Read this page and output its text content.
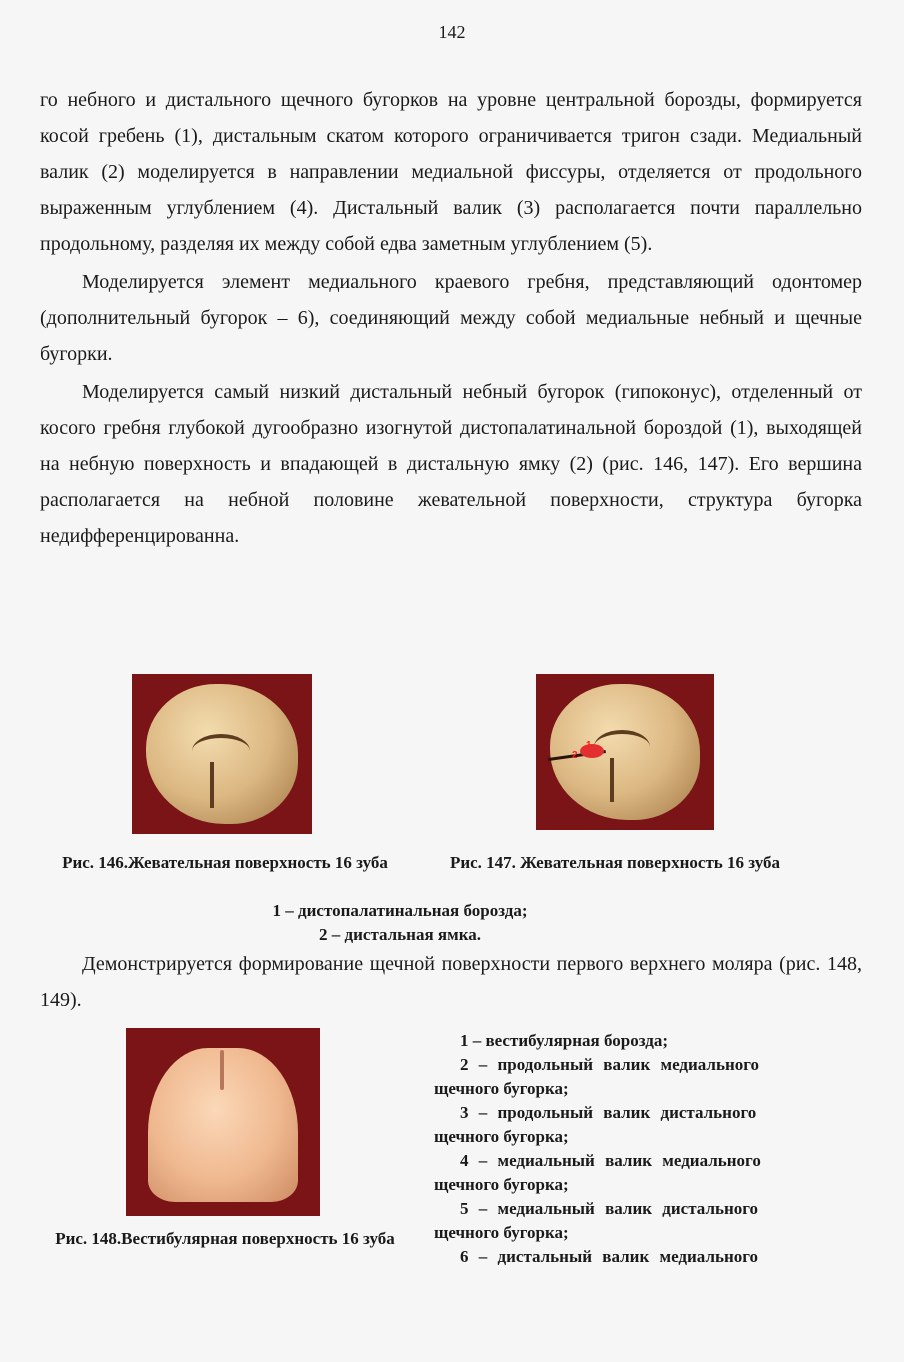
142

го небного и дистального щечного бугорков на уровне центральной борозды, формируется косой гребень (1), дистальным скатом которого ограничивается тригон сзади. Медиальный валик (2) моделируется в направлении медиальной фиссуры, отделяется от продольного выраженным углублением (4). Дистальный валик (3) располагается почти параллельно продольному, разделяя их между собой едва заметным углублением (5).

Моделируется элемент медиального краевого гребня, представляющий одонтомер (дополнительный бугорок – 6), соединяющий между собой медиальные небный и щечные бугорки.

Моделируется самый низкий дистальный небный бугорок (гипоконус), отделенный от косого гребня глубокой дугообразно изогнутой дистопалатинальной бороздой (1), выходящей на небную поверхность и впадающей в дистальную ямку (2) (рис. 146, 147). Его вершина располагается на небной половине жевательной поверхности, структура бугорка недифференцированна.

Рис. 146.Жевательная поверхность 16 зуба
1
2
Рис. 147. Жевательная поверхность 16 зуба
1 – дистопалатинальная борозда;
2 – дистальная ямка.

Демонстрируется формирование щечной поверхности первого верхнего моляра (рис. 148, 149).

Рис. 148.Вестибулярная поверхность 16 зуба
1 – вестибулярная борозда;
2 – продольный валик медиального
щечного бугорка;
3 – продольный валик дистального
щечного бугорка;
4 – медиальный валик медиального
щечного бугорка;
5 – медиальный валик дистального
щечного бугорка;
6 – дистальный валик медиального
